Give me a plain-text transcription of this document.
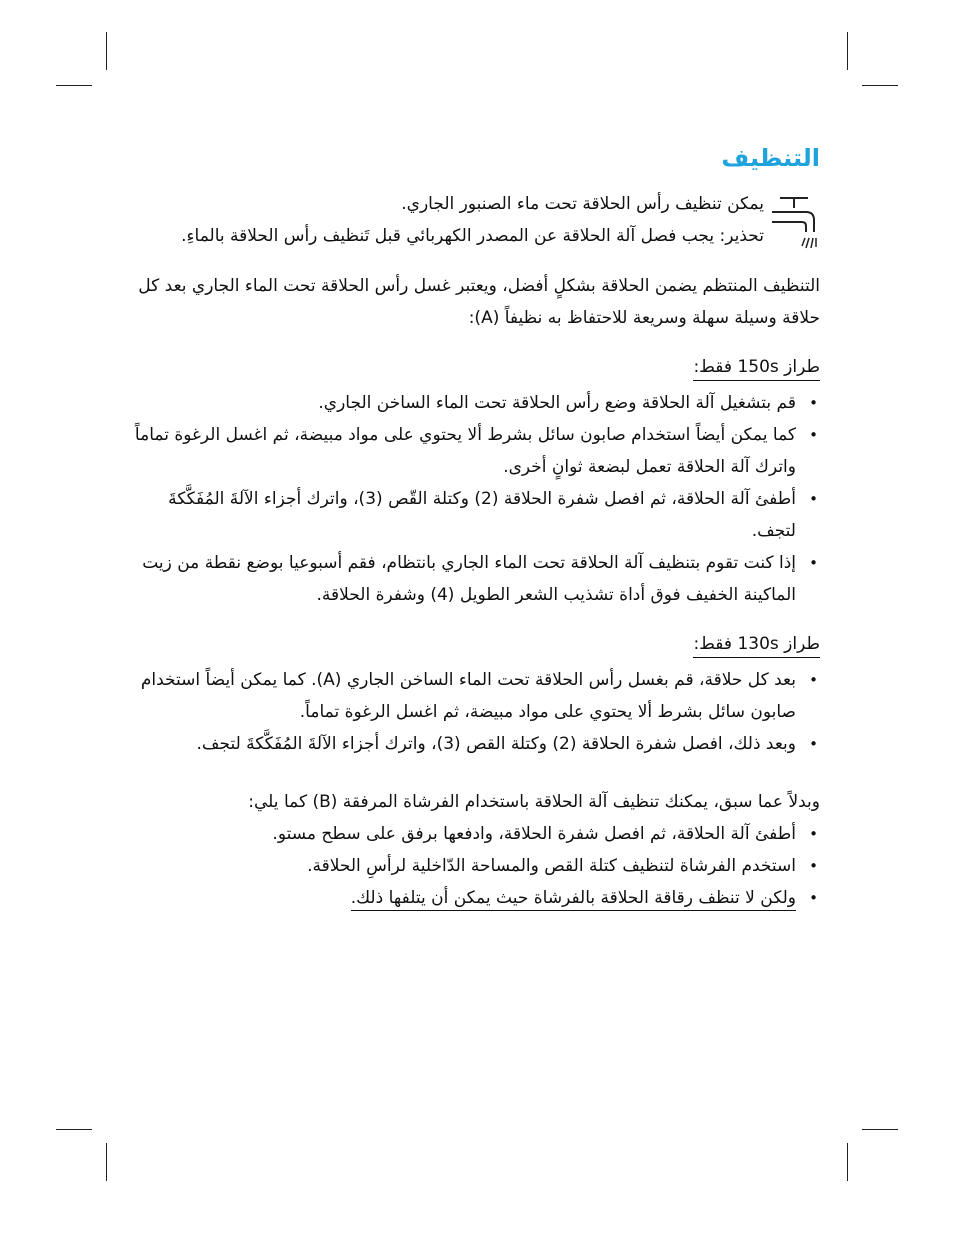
التنظيف

يمكن تنظيف رأس الحلاقة تحت ماء الصنبور الجاري.

تحذير: يجب فصل آلة الحلاقة عن المصدر الكهربائي قبل تَنظيف رأس الحلاقة بالماءِ.

التنظيف المنتظم يضمن الحلاقة بشكلٍ أفضل، ويعتبر غسل رأس الحلاقة تحت الماء الجاري بعد كل حلاقة وسيلة سهلة وسريعة للاحتفاظ به نظيفاً (A):

طراز 150s فقط:
•
قم بتشغيل آلة الحلاقة وضع رأس الحلاقة تحت الماء الساخن الجاري.
•
كما يمكن أيضاً استخدام صابون سائل بشرط ألا يحتوي على مواد مبيضة، ثم اغسل الرغوة تماماً واترك آلة الحلاقة تعمل لبضعة ثوانٍ أخرى.
•
أطفئ آلة الحلاقة، ثم افصل شفرة الحلاقة (2) وكتلة القّص (3)، واترك أجزاء الآلةَ المُفَكَّكةَ لتجف.
•
إذا كنت تقوم بتنظيف آلة الحلاقة تحت الماء الجاري بانتظام، فقم أسبوعيا بوضع نقطة من زيت الماكينة الخفيف فوق أداة تشذيب الشعر الطويل (4) وشفرة الحلاقة.
طراز 130s فقط:
•
بعد كل حلاقة، قم بغسل رأس الحلاقة تحت الماء الساخن الجاري (A). كما يمكن أيضاً استخدام صابون سائل بشرط ألا يحتوي على مواد مبيضة، ثم اغسل الرغوة تماماً.
•
وبعد ذلك، افصل شفرة الحلاقة (2) وكتلة القص (3)، واترك أجزاء الآلةَ المُفَكَّكةَ لتجف.

وبدلاً عما سبق، يمكنك تنظيف آلة الحلاقة باستخدام الفرشاة المرفقة (B) كما يلي:

•
أطفئ آلة الحلاقة، ثم افصل شفرة الحلاقة، وادفعها برفق على سطح مستو.
•
استخدم الفرشاة لتنظيف كتلة القص والمساحة الدّاخلية لرأسِ الحلاقة.
•
ولكن لا تنظف رقاقة الحلاقة بالفرشاة حيث يمكن أن يتلفها ذلك.
